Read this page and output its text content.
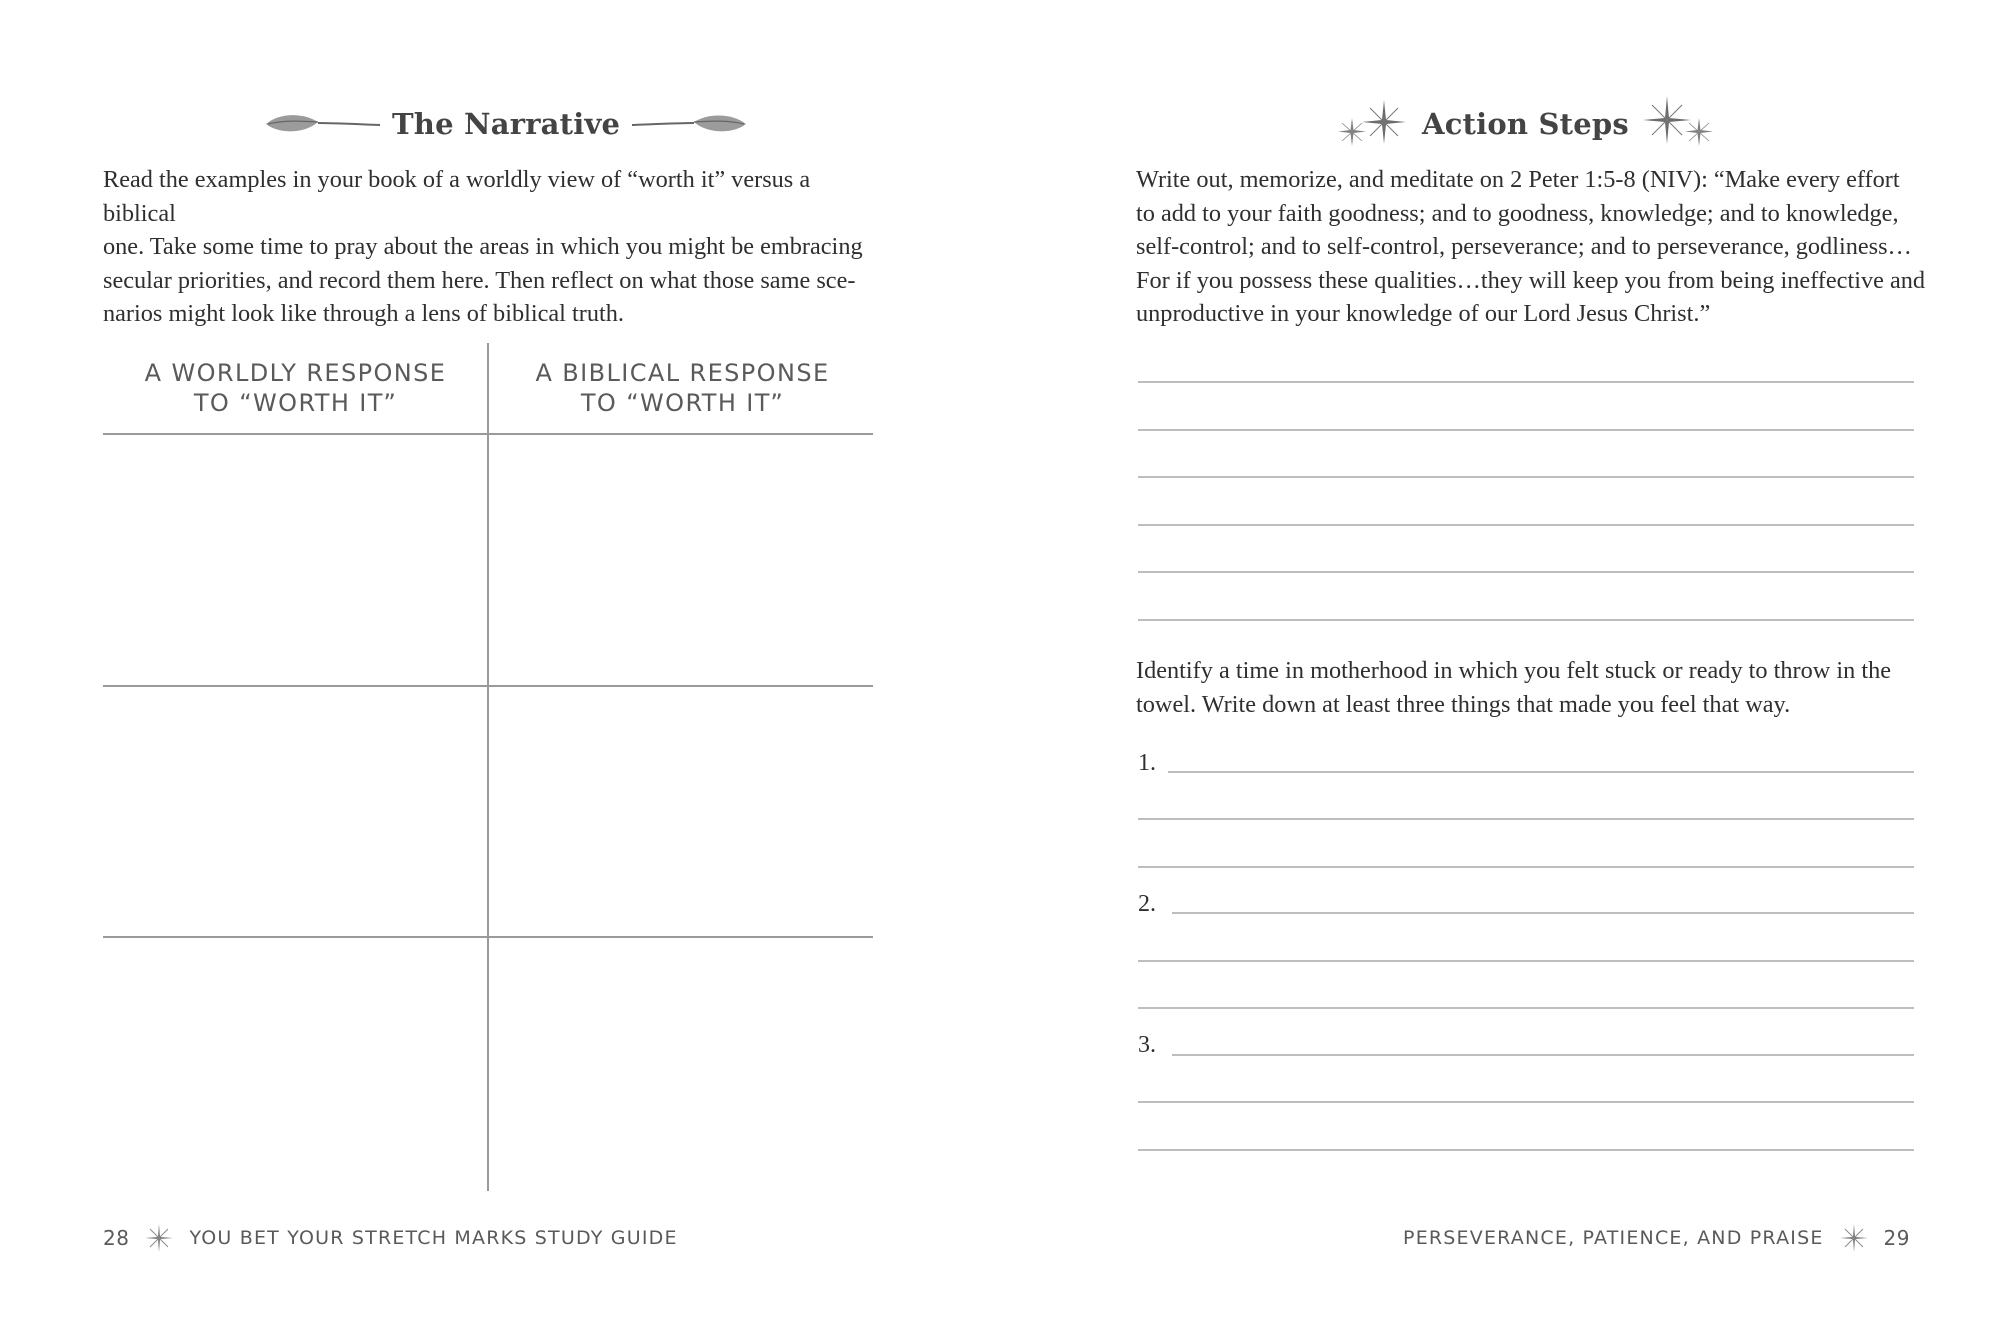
The Narrative

Read the examples in your book of a worldly view of “worth it” versus a biblical

one. Take some time to pray about the areas in which you might be embracing

secular priorities, and record them here. Then reflect on what those same sce-

narios might look like through a lens of biblical truth.

A WORLDLY RESPONSE
TO “WORTH IT”
A BIBLICAL RESPONSE
TO “WORTH IT”
28	YOU BET YOUR STRETCH MARKS STUDY GUIDE
Action Steps

Write out, memorize, and meditate on 2 Peter 1:5-8 (NIV): “Make every effort

to add to your faith goodness; and to goodness, knowledge; and to knowledge,

self-control; and to self-control, perseverance; and to perseverance, godliness…

For if you possess these qualities…they will keep you from being ineffective and

unproductive in your knowledge of our Lord Jesus Christ.”

Identify a time in motherhood in which you felt stuck or ready to throw in the

towel. Write down at least three things that made you feel that way.

1.
2.
3.
PERSEVERANCE, PATIENCE, AND PRAISE	29
